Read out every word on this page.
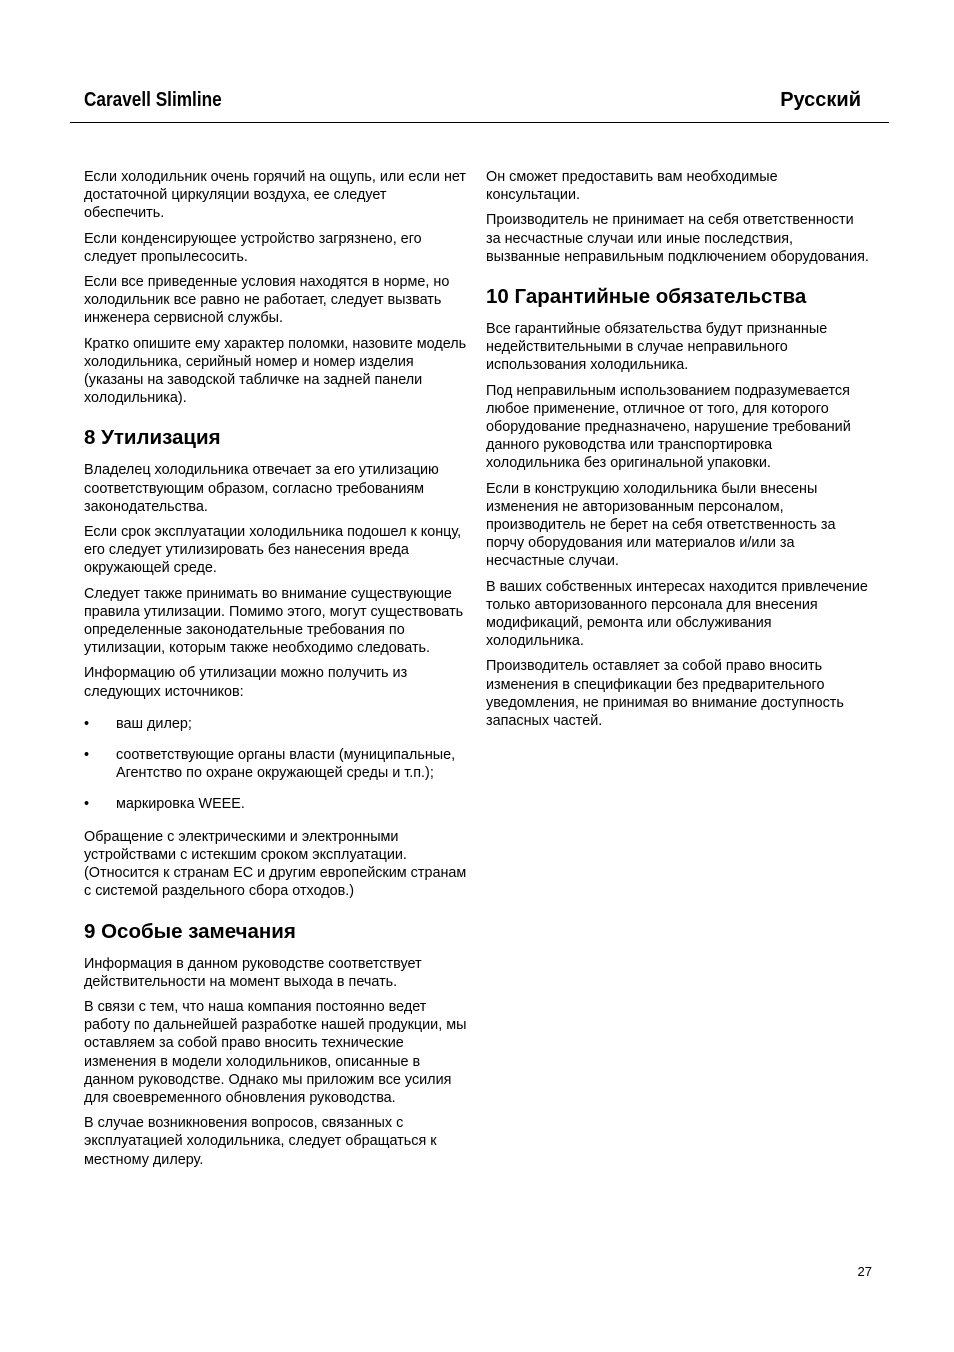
Caravell Slimline	Русский

Если холодильник очень горячий на ощупь, или если нет достаточной циркуляции воздуха, ее следует обеспечить.

Если конденсирующее устройство загрязнено, его следует пропылесосить.

Если все приведенные условия находятся в норме, но холодильник все равно не работает, следует вызвать инженера сервисной службы.

Кратко опишите ему характер поломки, назовите модель холодильника, серийный номер и номер изделия (указаны на заводской табличке на задней панели холодильника).

8 Утилизация

Владелец холодильника отвечает за его утилизацию соответствующим образом, согласно требованиям законодательства.

Если срок эксплуатации холодильника подошел к концу, его следует утилизировать без нанесения вреда окружающей среде.

Следует также принимать во внимание существующие правила утилизации. Помимо этого, могут существовать определенные законодательные требования по утилизации, которым также необходимо следовать.

Информацию об утилизации можно получить из следующих источников:

• ваш дилер;
• соответствующие органы власти (муниципальные, Агентство по охране окружающей среды и т.п.);
• маркировка WEEE.

Обращение с электрическими и электронными устройствами с истекшим сроком эксплуатации. (Относится к странам ЕС и другим европейским странам с системой раздельного сбора отходов.)

9 Особые замечания

Информация в данном руководстве соответствует действительности на момент выхода в печать.

В связи с тем, что наша компания постоянно ведет работу по дальнейшей разработке нашей продукции, мы оставляем за собой право вносить технические изменения в модели холодильников, описанные в данном руководстве. Однако мы приложим все усилия для своевременного обновления руководства.

В случае возникновения вопросов, связанных с эксплуатацией холодильника, следует обращаться к местному дилеру.

Он сможет предоставить вам необходимые консультации.

Производитель не принимает на себя ответственности за несчастные случаи или иные последствия, вызванные неправильным подключением оборудования.

10 Гарантийные обязательства

Все гарантийные обязательства будут признанные недействительными в случае неправильного использования холодильника.

Под неправильным использованием подразумевается любое применение, отличное от того, для которого оборудование предназначено, нарушение требований данного руководства или транспортировка холодильника без оригинальной упаковки.

Если в конструкцию холодильника были внесены изменения не авторизованным персоналом, производитель не берет на себя ответственность за порчу оборудования или материалов и/или за несчастные случаи.

В ваших собственных интересах находится привлечение только авторизованного персонала для внесения модификаций, ремонта или обслуживания холодильника.

Производитель оставляет за собой право вносить изменения в спецификации без предварительного уведомления, не принимая во внимание доступность запасных частей.

27
